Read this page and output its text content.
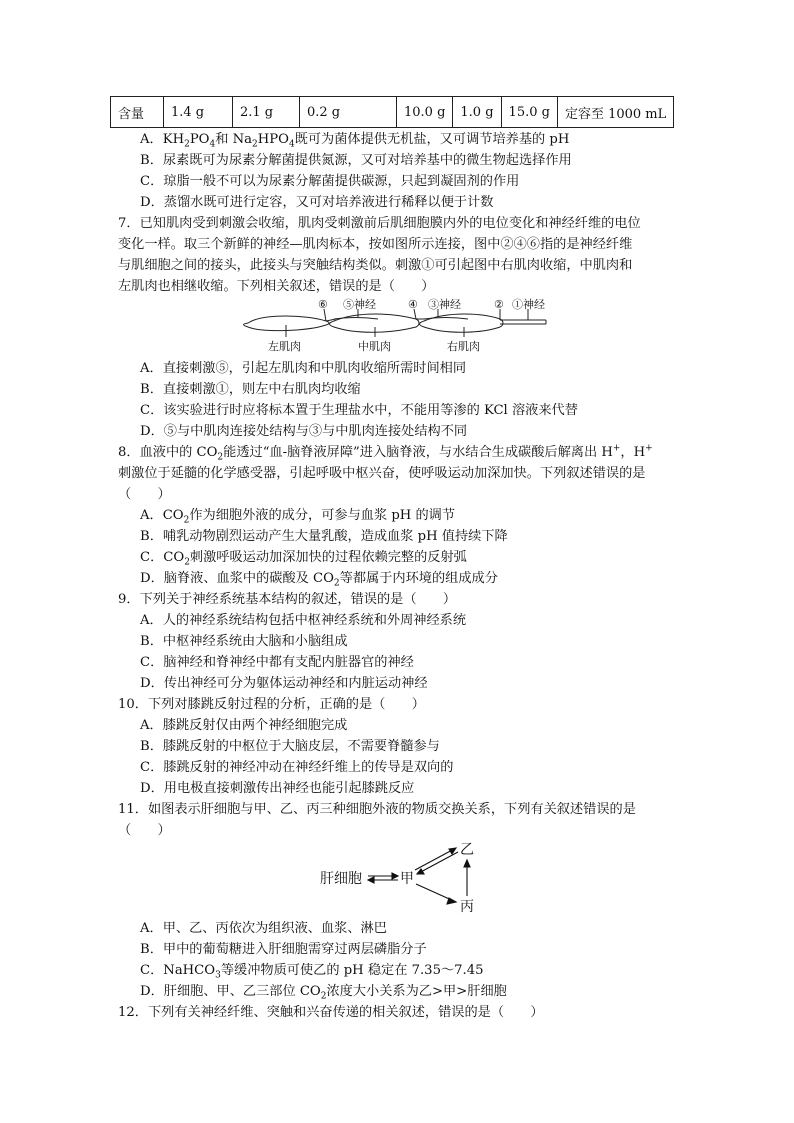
含量	1.4 g	2.1 g	0.2 g	10.0 g	1.0 g	15.0 g	定容至 1000 mL
A．$KH_2PO_4$和 $Na_2HPO_4$既可为菌体提供无机盐，又可调节培养基的 pH
B．尿素既可为尿素分解菌提供氮源，又可对培养基中的微生物起选择作用
C．琼脂一般不可以为尿素分解菌提供碳源，只起到凝固剂的作用
D．蒸馏水既可进行定容，又可对培养液进行稀释以便于计数
7．已知肌肉受到刺激会收缩，肌肉受刺激前后肌细胞膜内外的电位变化和神经纤维的电位
变化一样。取三个新鲜的神经—肌肉标本，按如图所示连接，图中②④⑥指的是神经纤维
与肌细胞之间的接头，此接头与突触结构类似。刺激①可引起图中右肌肉收缩，中肌肉和
左肌肉也相继收缩。下列相关叙述，错误的是（　　）
⑥ ⑤神经	④ ③神经	② ①神经
左肌肉	中肌肉	右肌肉
A．直接刺激⑤，引起左肌肉和中肌肉收缩所需时间相同
B．直接刺激①，则左中右肌肉均收缩
C．该实验进行时应将标本置于生理盐水中，不能用等渗的 KCl 溶液来代替
D．⑤与中肌肉连接处结构与③与中肌肉连接处结构不同
8．血液中的 $CO_2$能透过“血-脑脊液屏障”进入脑脊液，与水结合生成碳酸后解离出 H+，H+
刺激位于延髓的化学感受器，引起呼吸中枢兴奋，使呼吸运动加深加快。下列叙述错误的是
（　　）
A．$CO_2$作为细胞外液的成分，可参与血浆 pH 的调节
B．哺乳动物剧烈运动产生大量乳酸，造成血浆 pH 值持续下降
C．$CO_2$刺激呼吸运动加深加快的过程依赖完整的反射弧
D．脑脊液、血浆中的碳酸及 $CO_2$等都属于内环境的组成成分
9．下列关于神经系统基本结构的叙述，错误的是（　　）
A．人的神经系统结构包括中枢神经系统和外周神经系统
B．中枢神经系统由大脑和小脑组成
C．脑神经和脊神经中都有支配内脏器官的神经
D．传出神经可分为躯体运动神经和内脏运动神经
10．下列对膝跳反射过程的分析，正确的是（　　）
A．膝跳反射仅由两个神经细胞完成
B．膝跳反射的中枢位于大脑皮层，不需要脊髓参与
C．膝跳反射的神经冲动在神经纤维上的传导是双向的
D．用电极直接刺激传出神经也能引起膝跳反应
11．如图表示肝细胞与甲、乙、丙三种细胞外液的物质交换关系，下列有关叙述错误的是
（　　）
肝细胞	甲
乙
丙
A．甲、乙、丙依次为组织液、血浆、淋巴
B．甲中的葡萄糖进入肝细胞需穿过两层磷脂分子
C．NaHCO$_3$等缓冲物质可使乙的 pH 稳定在 7.35～7.45
D．肝细胞、甲、乙三部位 $CO_2$浓度大小关系为乙>甲>肝细胞
12．下列有关神经纤维、突触和兴奋传递的相关叙述，错误的是（　　）
